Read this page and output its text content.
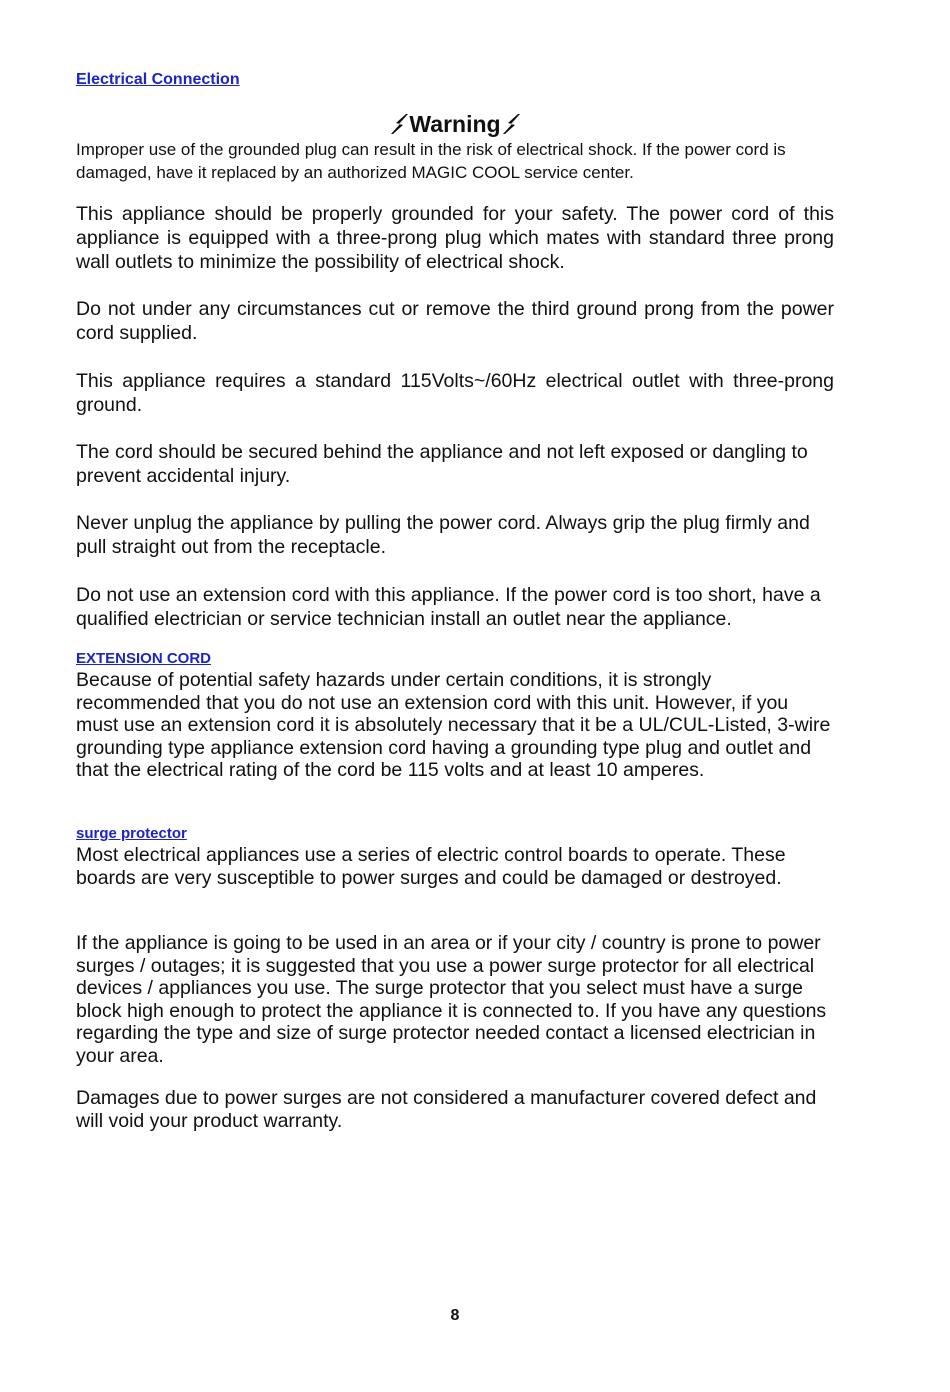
Electrical Connection
Warning

Improper use of the grounded plug can result in the risk of electrical shock. If the power cord is damaged, have it replaced by an authorized MAGIC COOL service center.

This appliance should be properly grounded for your safety. The power cord of this appliance is equipped with a three-prong plug which mates with standard three prong wall outlets to minimize the possibility of electrical shock.

Do not under any circumstances cut or remove the third ground prong from the power cord supplied.

This appliance requires a standard 115Volts~/60Hz electrical outlet with three-prong ground.

The cord should be secured behind the appliance and not left exposed or dangling to prevent accidental injury.

Never unplug the appliance by pulling the power cord. Always grip the plug firmly and pull straight out from the receptacle.

Do not use an extension cord with this appliance. If the power cord is too short, have a qualified electrician or service technician install an outlet near the appliance.

EXTENSION CORD

Because of potential safety hazards under certain conditions, it is strongly recommended that you do not use an extension cord with this unit. However, if you must use an extension cord it is absolutely necessary that it be a UL/CUL-Listed, 3-wire grounding type appliance extension cord having a grounding type plug and outlet and that the electrical rating of the cord be 115 volts and at least 10 amperes.

surge protector

Most electrical appliances use a series of electric control boards to operate. These boards are very susceptible to power surges and could be damaged or destroyed.

If the appliance is going to be used in an area or if your city / country is prone to power surges / outages; it is suggested that you use a power surge protector for all electrical devices / appliances you use. The surge protector that you select must have a surge block high enough to protect the appliance it is connected to. If you have any questions regarding the type and size of surge protector needed contact a licensed electrician in your area.

Damages due to power surges are not considered a manufacturer covered defect and will void your product warranty.

8
